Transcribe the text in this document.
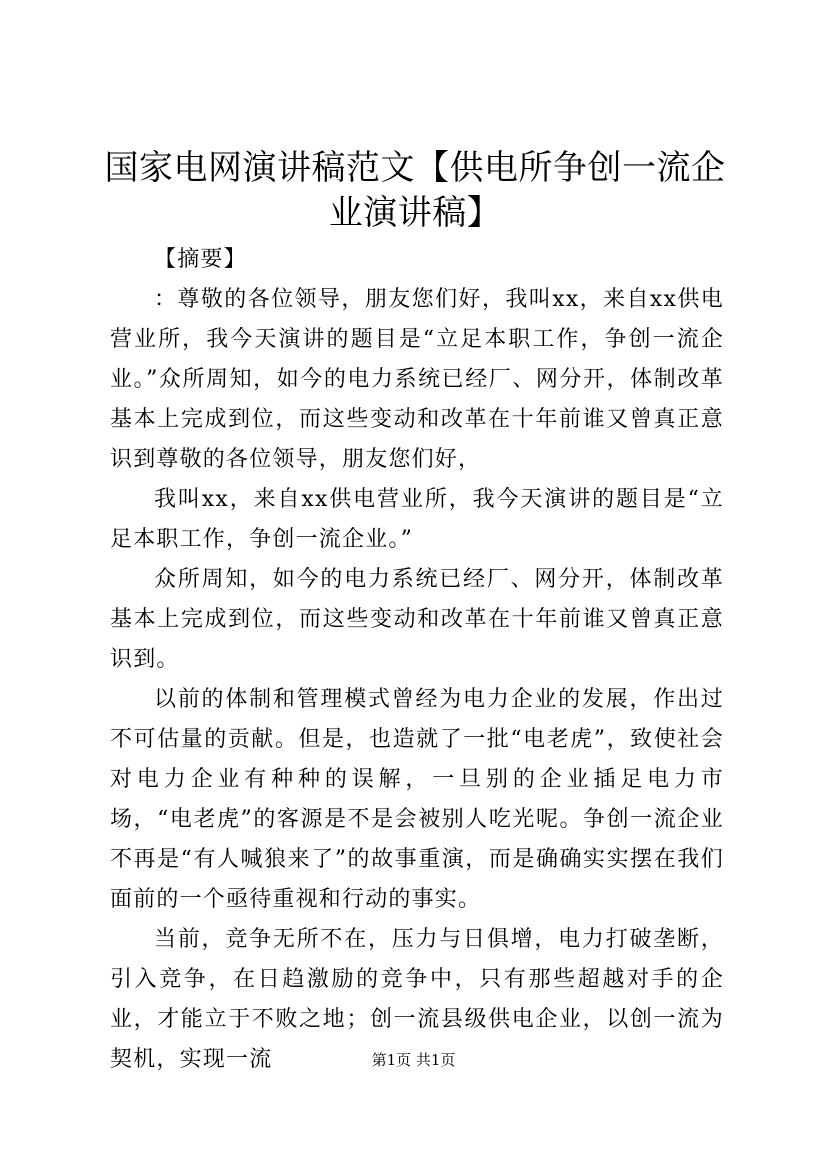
国家电网演讲稿范文【供电所争创一流企业演讲稿】

【摘要】

：尊敬的各位领导，朋友您们好，我叫xx，来自xx供电营业所，我今天演讲的题目是“立足本职工作，争创一流企业。”众所周知，如今的电力系统已经厂、网分开，体制改革基本上完成到位，而这些变动和改革在十年前谁又曾真正意识到尊敬的各位领导，朋友您们好，

我叫xx，来自xx供电营业所，我今天演讲的题目是“立足本职工作，争创一流企业。”

众所周知，如今的电力系统已经厂、网分开，体制改革基本上完成到位，而这些变动和改革在十年前谁又曾真正意识到。

以前的体制和管理模式曾经为电力企业的发展，作出过不可估量的贡献。但是，也造就了一批“电老虎”，致使社会对电力企业有种种的误解，一旦别的企业插足电力市场，“电老虎”的客源是不是会被别人吃光呢。争创一流企业不再是“有人喊狼来了”的故事重演，而是确确实实摆在我们面前的一个亟待重视和行动的事实。

当前，竞争无所不在，压力与日俱增，电力打破垄断，引入竞争，在日趋激励的竞争中，只有那些超越对手的企业，才能立于不败之地；创一流县级供电企业，以创一流为契机，实现一流	第1页 共1页
